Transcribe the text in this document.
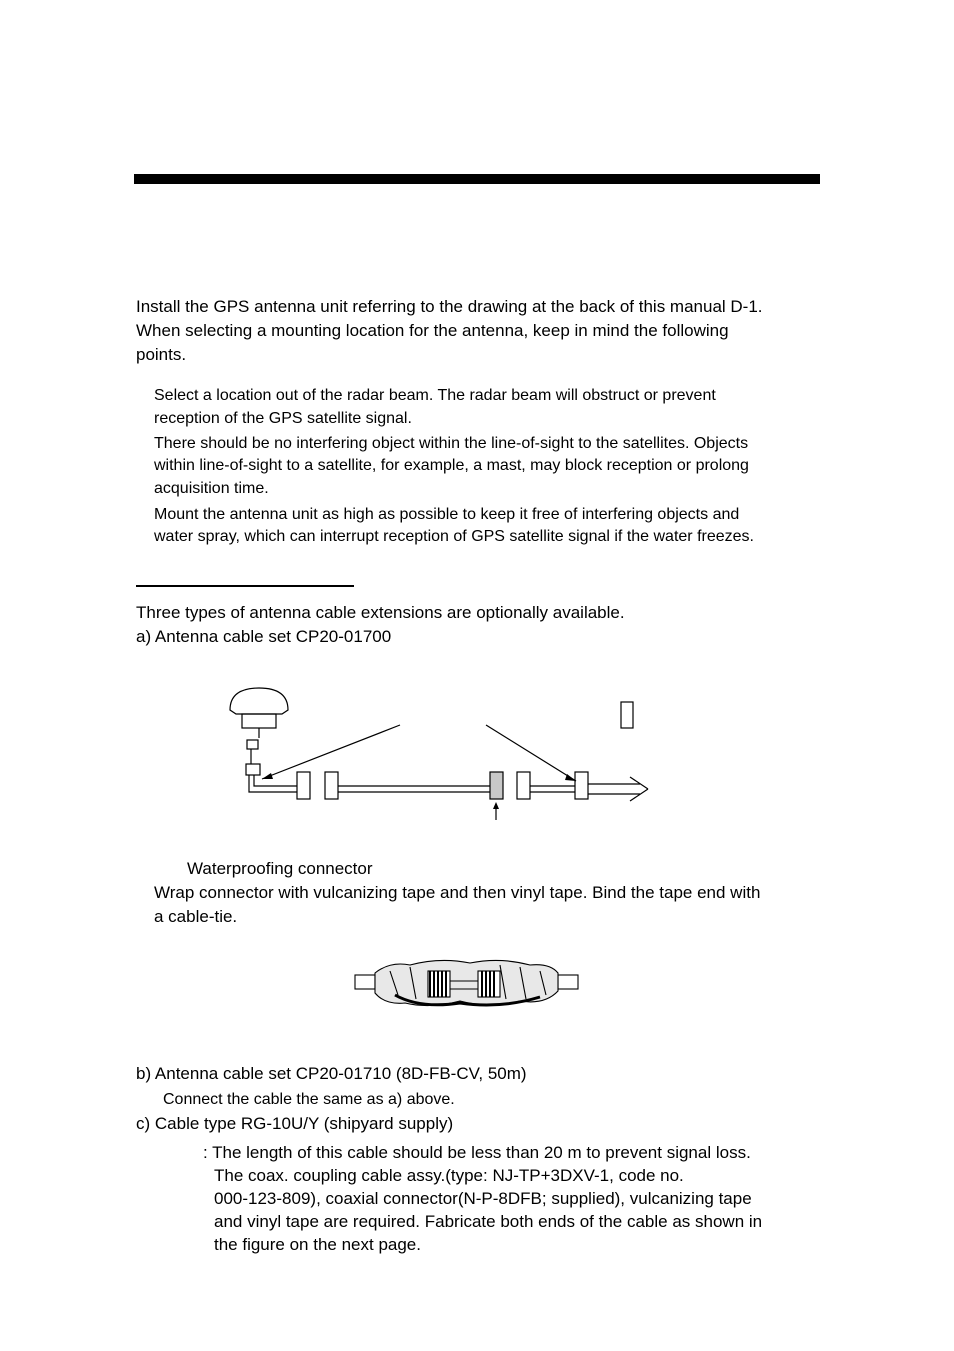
Install the GPS antenna unit referring to the drawing at the back of this manual D-1.
When selecting a mounting location for the antenna, keep in mind the following
points.
Select a location out of the radar beam. The radar beam will obstruct or prevent
reception of the GPS satellite signal.
There should be no interfering object within the line-of-sight to the satellites. Objects
within line-of-sight to a satellite, for example, a mast, may block reception or prolong
acquisition time.
Mount the antenna unit as high as possible to keep it free of interfering objects and
water spray, which can interrupt reception of GPS satellite signal if the water freezes.
Three types of antenna cable extensions are optionally available.
a) Antenna cable set CP20-01700
Waterproofing connector
Wrap connector with vulcanizing tape and then vinyl tape. Bind the tape end with
a cable-tie.
b) Antenna cable set CP20-01710 (8D-FB-CV, 50m)
Connect the cable the same as a) above.
c) Cable type RG-10U/Y (shipyard supply)
: The length of this cable should be less than 20 m to prevent signal loss.
The coax. coupling cable assy.(type: NJ-TP+3DXV-1, code no.
000-123-809), coaxial connector(N-P-8DFB; supplied), vulcanizing tape
and vinyl tape are required. Fabricate both ends of the cable as shown in
the figure on the next page.
